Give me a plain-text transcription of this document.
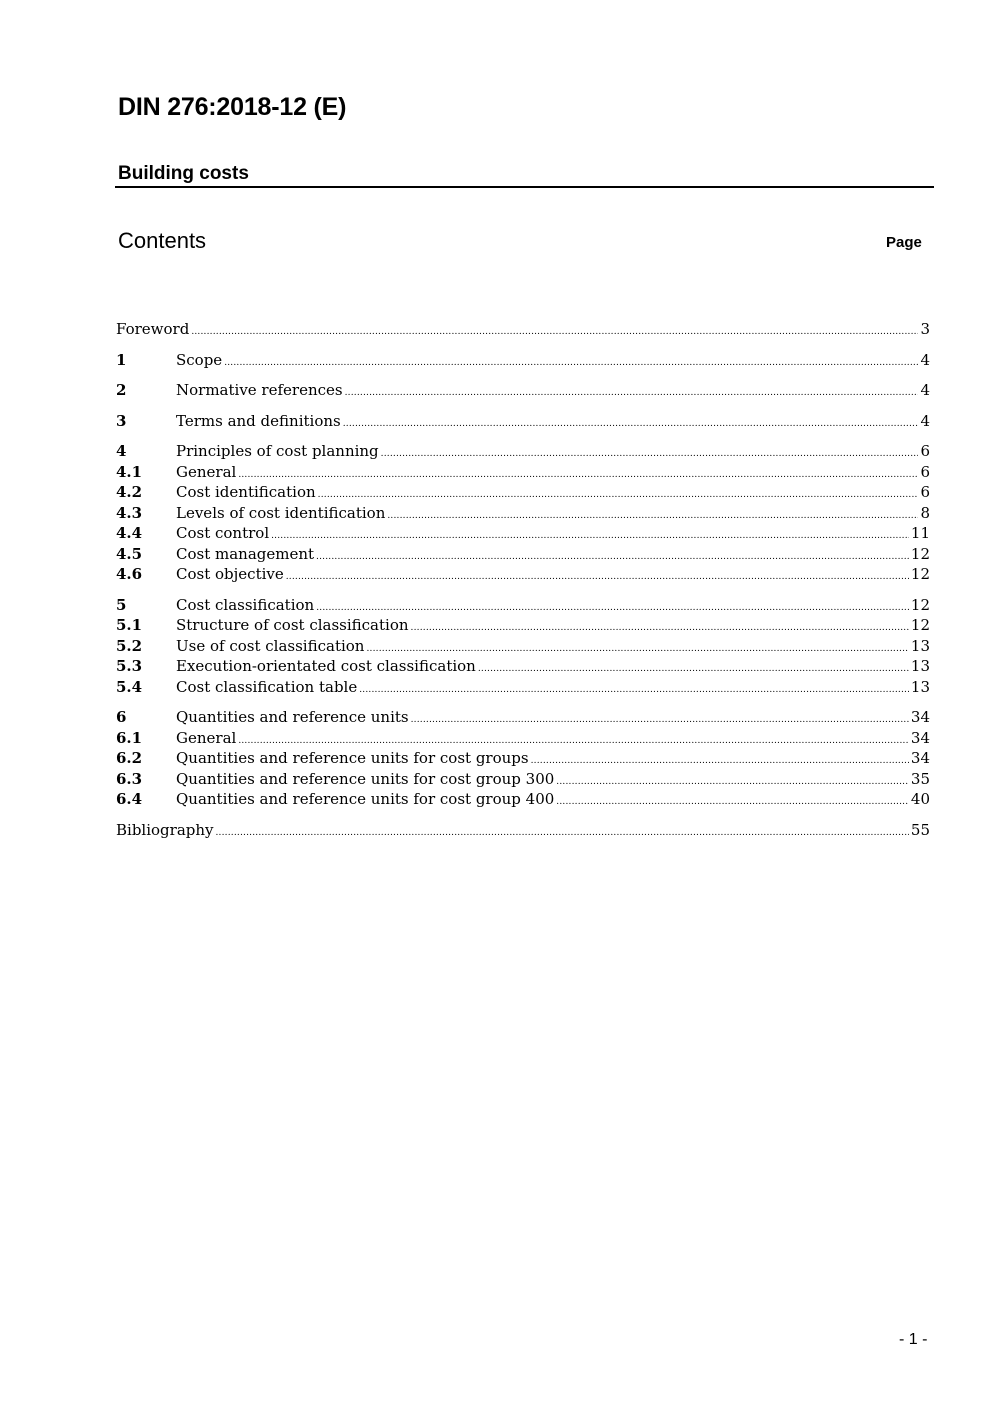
DIN 276:2018-12 (E)
Building costs
Contents	Page
Foreword .....	3
1	Scope .....	4
2	Normative references .....	4
3	Terms and definitions .....	4
4	Principles of cost planning .....	6
4.1	General .....	6
4.2	Cost identification .....	6
4.3	Levels of cost identification .....	8
4.4	Cost control .....	11
4.5	Cost management .....	12
4.6	Cost objective .....	12
5	Cost classification .....	12
5.1	Structure of cost classification .....	12
5.2	Use of cost classification .....	13
5.3	Execution-orientated cost classification .....	13
5.4	Cost classification table .....	13
6	Quantities and reference units .....	34
6.1	General .....	34
6.2	Quantities and reference units for cost groups .....	34
6.3	Quantities and reference units for cost group 300 .....	35
6.4	Quantities and reference units for cost group 400 .....	40
Bibliography .....	55
- 1 -
